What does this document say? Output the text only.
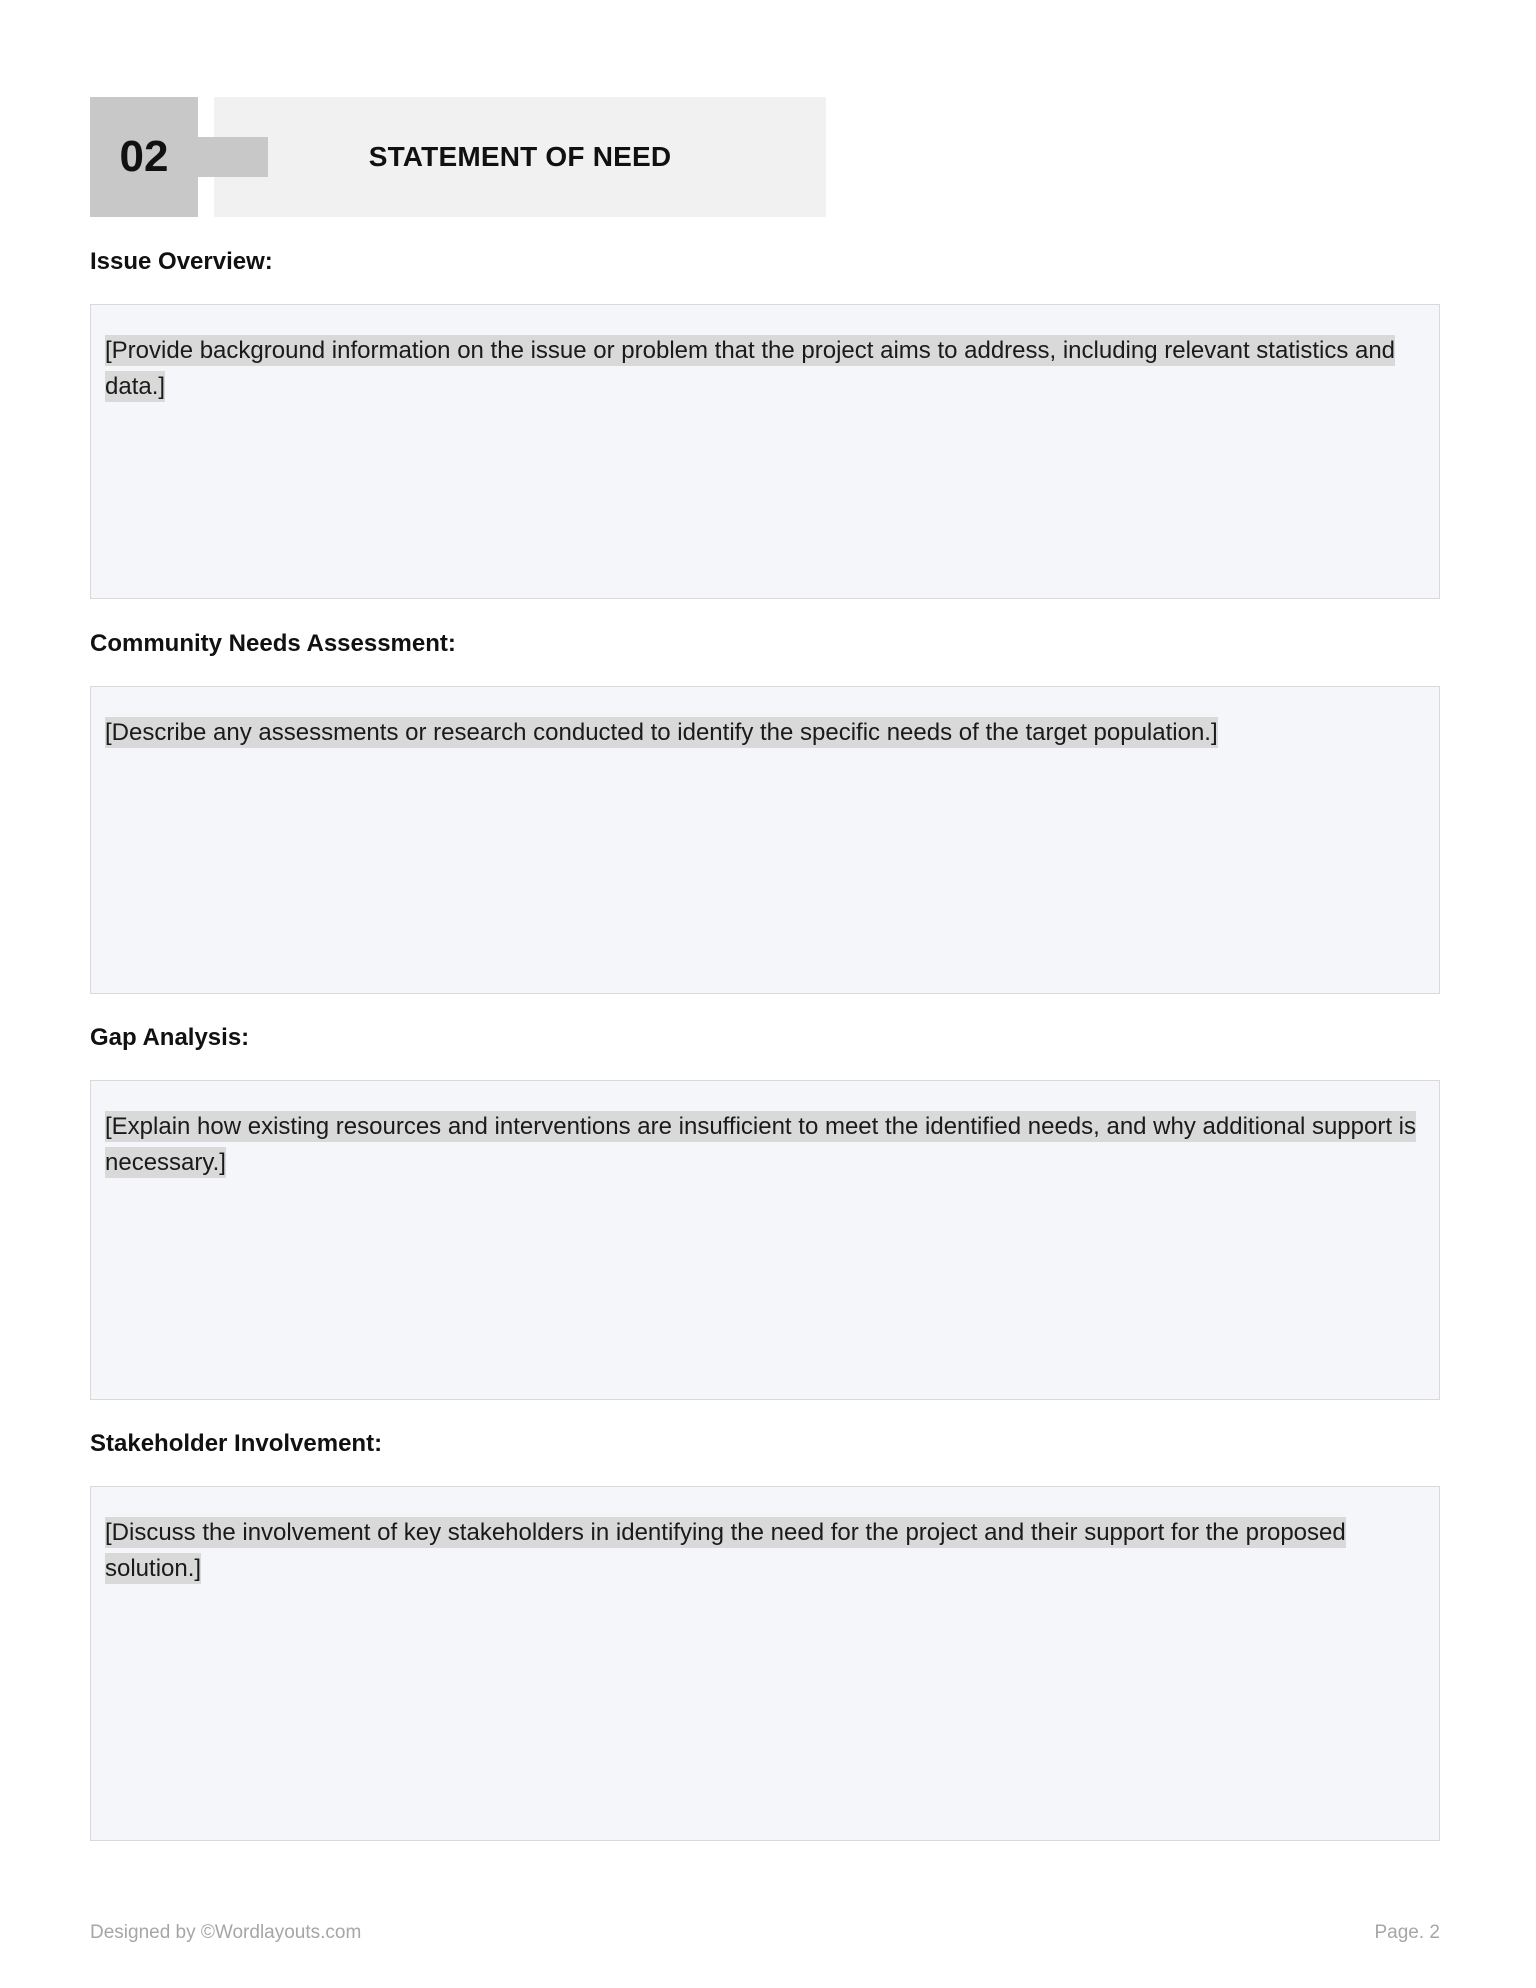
02	STATEMENT OF NEED
Issue Overview:
[Provide background information on the issue or problem that the project aims to address, including relevant statistics and data.]
Community Needs Assessment:
[Describe any assessments or research conducted to identify the specific needs of the target population.]
Gap Analysis:
[Explain how existing resources and interventions are insufficient to meet the identified needs, and why additional support is necessary.]
Stakeholder Involvement:
[Discuss the involvement of key stakeholders in identifying the need for the project and their support for the proposed solution.]
Designed by ©Wordlayouts.com	Page. 2
